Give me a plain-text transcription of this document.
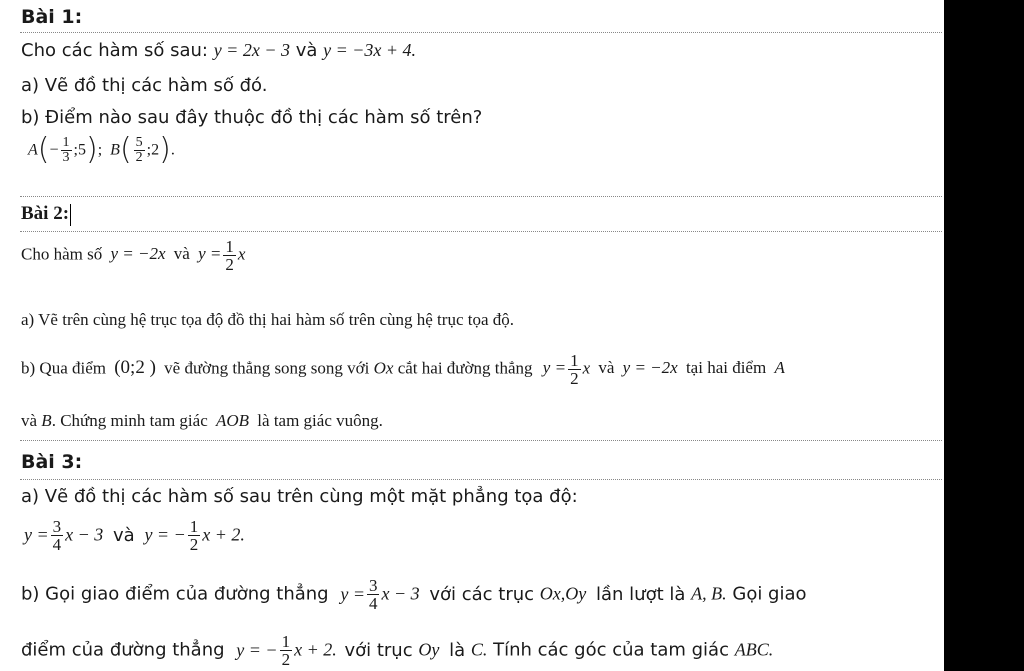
Bài 1:
Cho các hàm số sau: y = 2x − 3 và y = −3x + 4.
a) Vẽ đồ thị các hàm số đó.
b) Điểm nào sau đây thuộc đồ thị các hàm số trên?
$A(- \frac{1}{3}$ ;5);  $B( \frac{5}{2}$ ;2).
Bài 2:
Cho hàm số y = −2x và $y = \frac{1}{2}$ x
a) Vẽ trên cùng hệ trục tọa độ đồ thị hai hàm số trên cùng hệ trục tọa độ.
b) Qua điểm (0;2 ) vẽ đường thẳng song song với Ox cắt hai đường thẳng $y = \frac{1}{2}$ x và y = −2x tại hai điểm A
và B. Chứng minh tam giác AOB là tam giác vuông.
Bài 3:
a) Vẽ đồ thị các hàm số sau trên cùng một mặt phẳng tọa độ:
$y = \frac{3}{4}$ x − 3 và y = − $\frac{1}{2}$ x + 2.
b) Gọi giao điểm của đường thẳng $y = \frac{3}{4}$ x − 3 với các trục Ox,Oy lần lượt là A, B. Gọi giao
điểm của đường thẳng y = − $\frac{1}{2}$ x + 2. với trục Oy là C. Tính các góc của tam giác ABC.
